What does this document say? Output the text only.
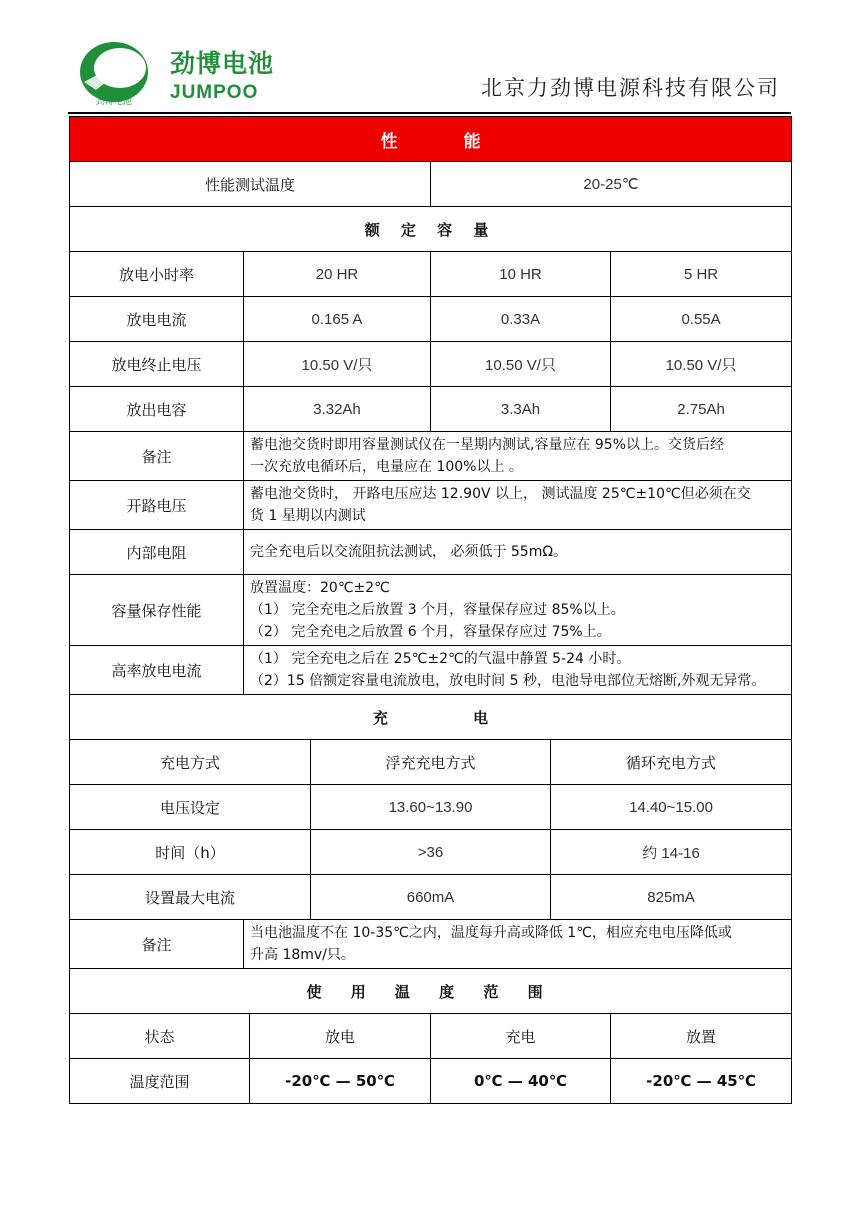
劲博电池
劲博电池
JUMPOO	北京力劲博电源科技有限公司
性 能						
性能测试温度				20-25℃		
额 定 容 量						
放电小时率	20 HR			10 HR		5 HR
放电电流	0.165 A			0.33A		0.55A
放电终止电压	10.50 V/只			10.50 V/只		10.50 V/只
放出电容	3.32Ah			3.3Ah		2.75Ah
备注	蓄电池交货时即用容量测试仪在一星期内测试,容量应在 95%以上。交货后经
一次充放电循环后，电量应在 100%以上 。					

开路电压	蓄电池交货时， 开路电压应达 12.90V 以上， 测试温度 25℃±10℃但必须在交
货 1 星期以内测试					

内部电阻	完全充电后以交流阻抗法测试， 必须低于 55mΩ。					
容量保存性能	放置温度：20℃±2℃
（1） 完全充电之后放置 3 个月，容量保存应过 85%以上。
（2） 完全充电之后放置 6 个月，容量保存应过 75%上。					

高率放电电流	（1） 完全充电之后在 25℃±2℃的气温中静置 5-24 小时。
（2）15 倍额定容量电流放电，放电时间 5 秒，电池导电部位无熔断,外观无异常。					

充 电						
充电方式			浮充充电方式		循环充电方式	
电压设定			13.60~13.90		14.40~15.00	
时间（h）			>36		约 14-16	
设置最大电流			660mA		825mA	
备注	当电池温度不在 10-35℃之内，温度每升高或降低 1℃，相应充电电压降低或
升高 18mv/只。					

使 用 温 度 范 围						
状态		放电		充电		放置
温度范围		-20℃ — 50℃		0℃ — 40℃		-20℃ — 45℃
